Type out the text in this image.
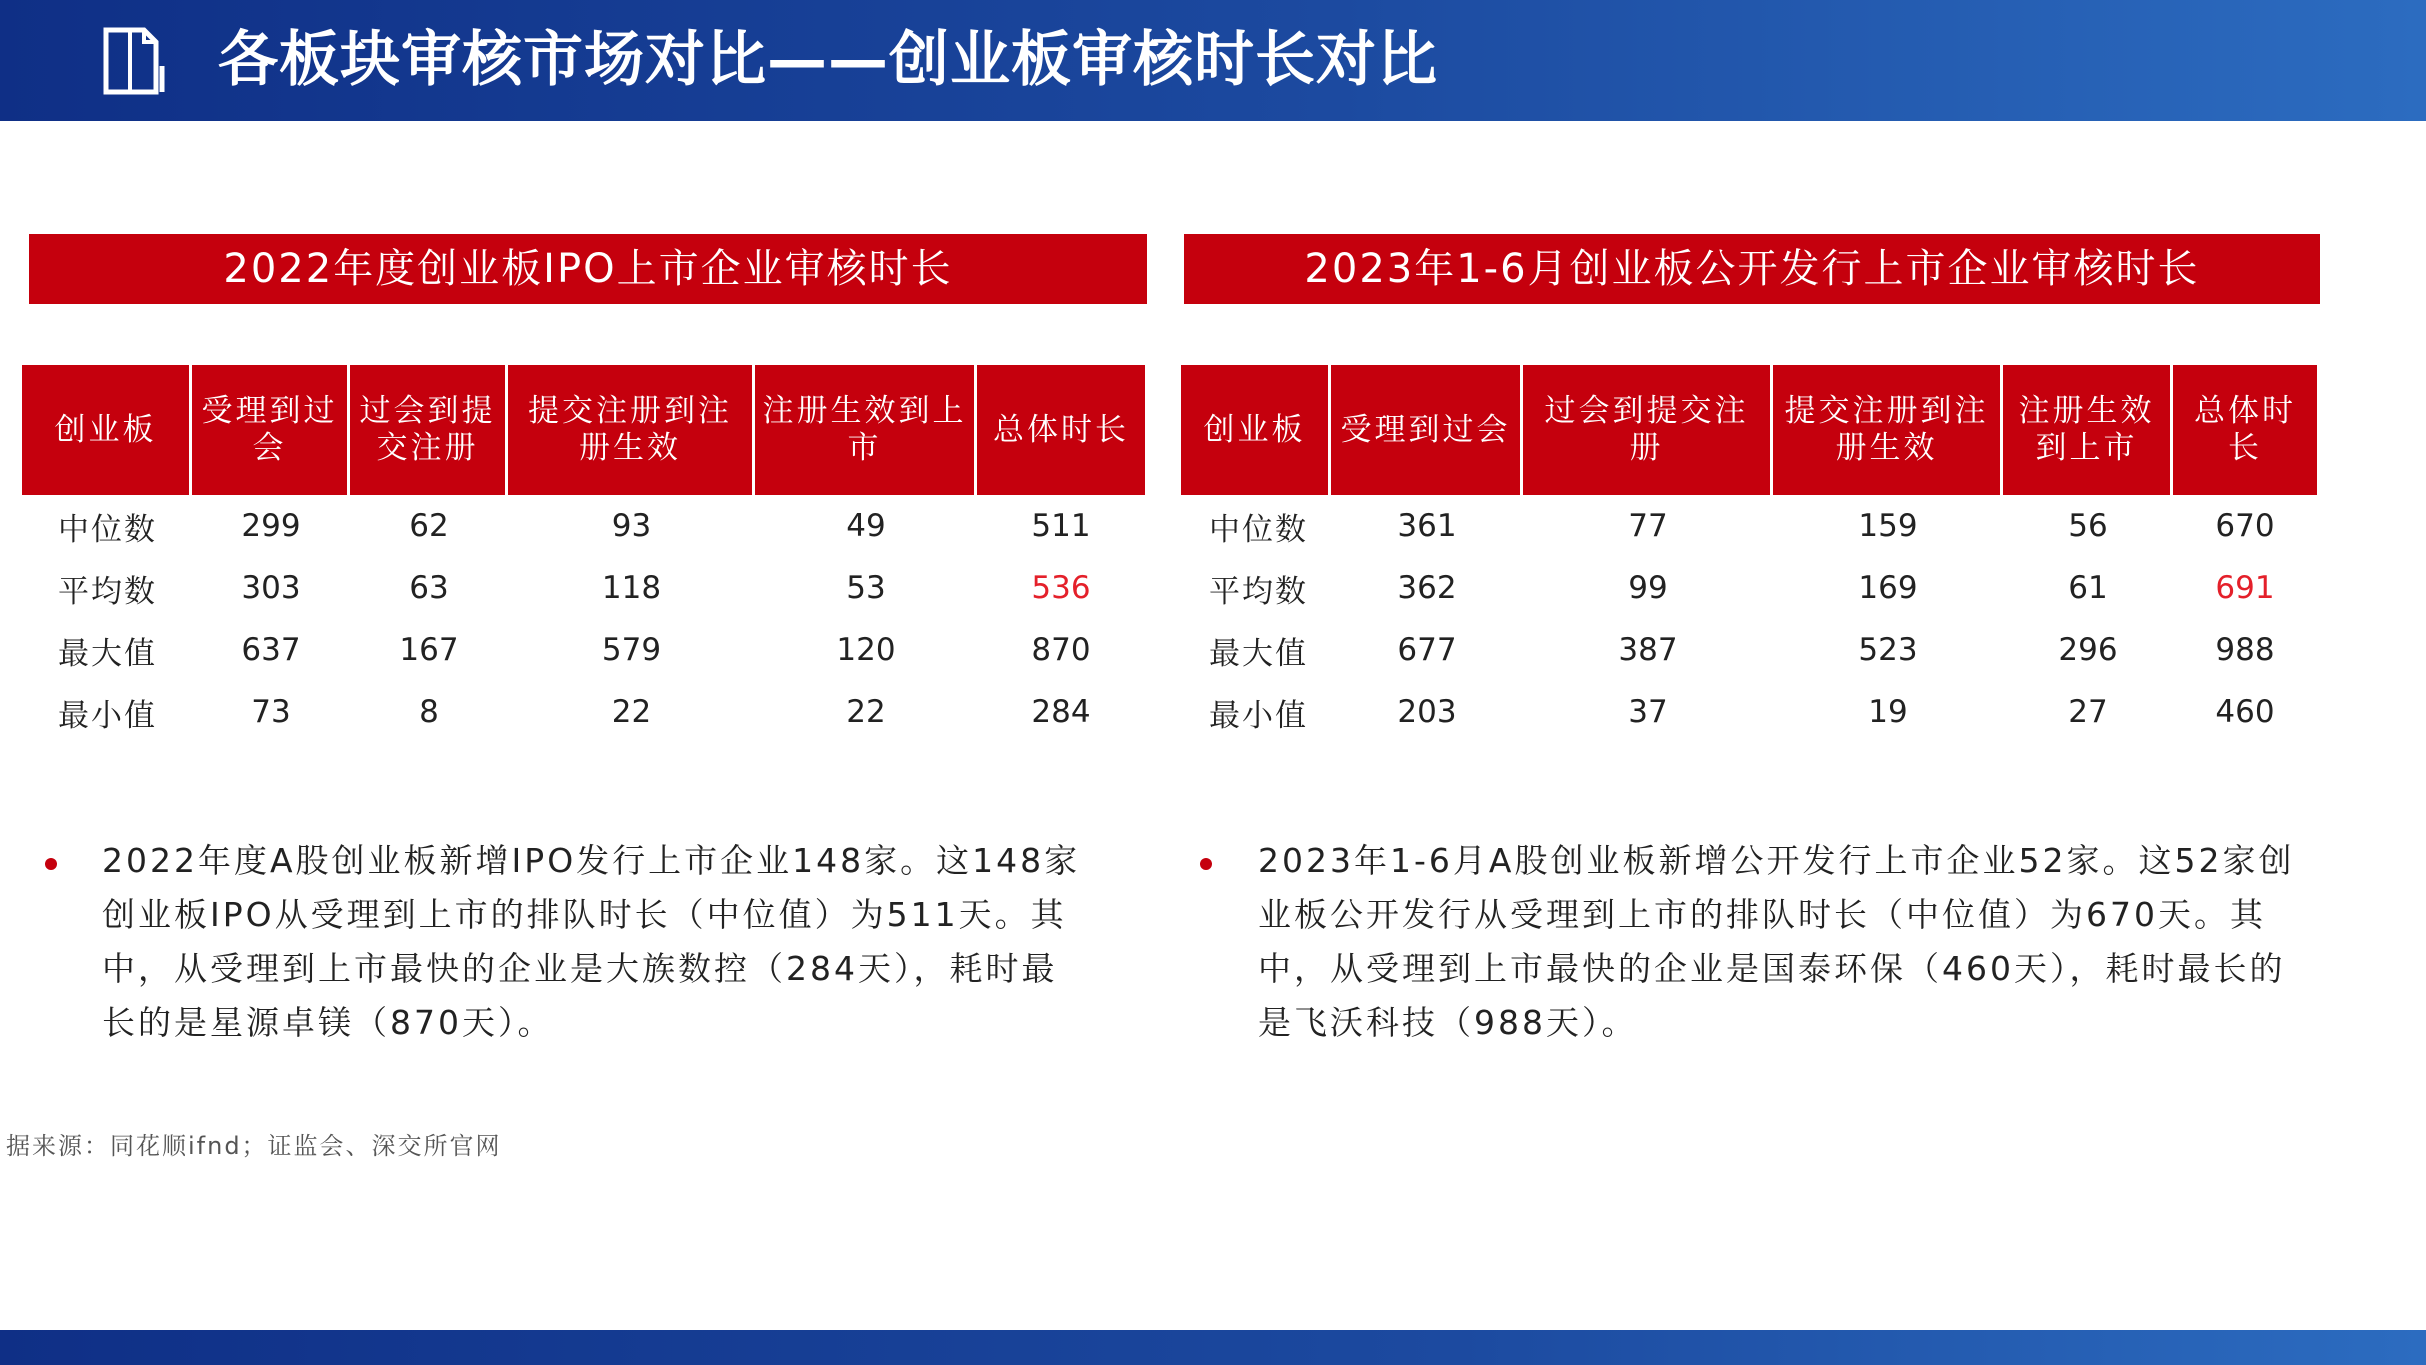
各板块审核市场对比——创业板审核时长对比
2022年度创业板IPO上市企业审核时长
创业板	受理到过会	过会到提交注册	提交注册到注册生效	注册生效到上市	总体时长
中位数	299	62	93	49	511
平均数	303	63	118	53	536
最大值	637	167	579	120	870
最小值	73	8	22	22	284
2022年度A股创业板新增IPO发行上市企业148家。这148家创业板IPO从受理到上市的排队时长（中位值）为511天。其中，从受理到上市最快的企业是大族数控（284天），耗时最长的是星源卓镁（870天）。
2023年1-6月创业板公开发行上市企业审核时长
创业板	受理到过会	过会到提交注册	提交注册到注册生效	注册生效到上市	总体时长
中位数	361	77	159	56	670
平均数	362	99	169	61	691
最大值	677	387	523	296	988
最小值	203	37	19	27	460
2023年1-6月A股创业板新增公开发行上市企业52家。这52家创业板公开发行从受理到上市的排队时长（中位值）为670天。其中，从受理到上市最快的企业是国泰环保（460天），耗时最长的是飞沃科技（988天）。
据来源：同花顺ifnd；证监会、深交所官网
